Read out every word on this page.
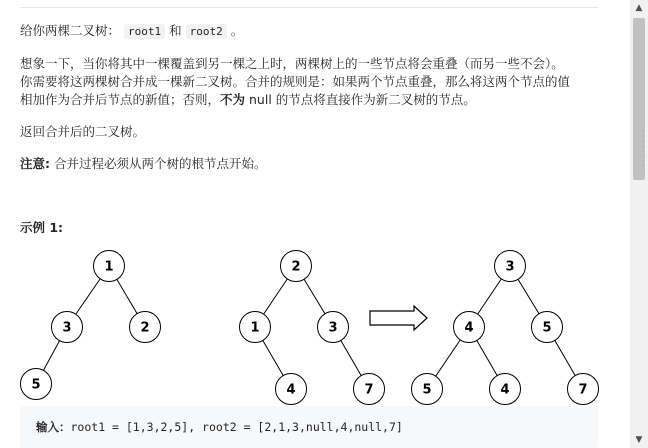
给你两棵二叉树： root1 和 root2 。
想象一下，当你将其中一棵覆盖到另一棵之上时，两棵树上的一些节点将会重叠（而另一些不会）。
你需要将这两棵树合并成一棵新二叉树。合并的规则是：如果两个节点重叠，那么将这两个节点的值
相加作为合并后节点的新值；否则，不为 null 的节点将直接作为新二叉树的节点。
返回合并后的二叉树。
注意: 合并过程必须从两个树的根节点开始。
示例 1:
1
3	2
5
2
1	3
4	7
3
4	5
5	4	7
输入：root1 = [1,3,2,5], root2 = [2,1,3,null,4,null,7]
▲
▼
